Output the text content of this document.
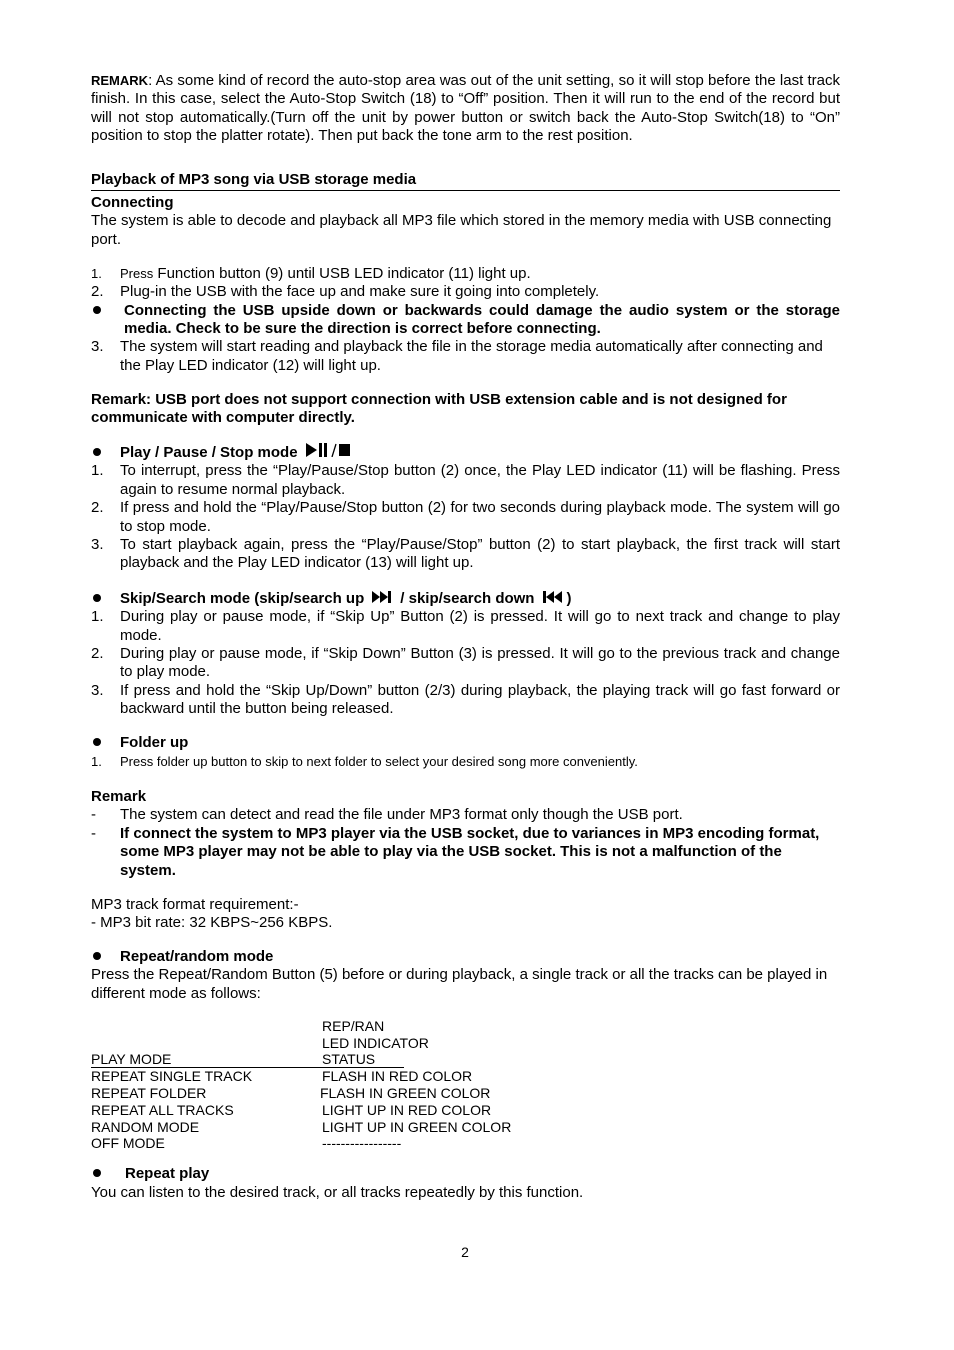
REMARK: As some kind of record the auto-stop area was out of the unit setting, so it will stop before the last track finish. In this case, select the Auto-Stop Switch (18) to “Off” position. Then it will run to the end of the record but will not stop automatically.(Turn off the unit by power button or switch back the Auto-Stop Switch(18) to “On” position to stop the platter rotate). Then put back the tone arm to the rest position.

Playback of MP3 song via USB storage media

Connecting

The system is able to decode and playback all MP3 file which stored in the memory media with USB connecting port.

1.	Press Function button (9) until USB LED indicator (11) light up.
2.	Plug-in the USB with the face up and make sure it going into completely.
Connecting the USB upside down or backwards could damage the audio system or the storage media. Check to be sure the direction is correct before connecting.
3.	The system will start reading and playback the file in the storage media automatically after connecting and the Play LED indicator (12) will light up.

Remark: USB port does not support connection with USB extension cable and is not designed for communicate with computer directly.

Play / Pause / Stop mode
1.	To interrupt, press the “Play/Pause/Stop button (2) once, the Play LED indicator (11) will be flashing. Press again to resume normal playback.
2.	If press and hold the “Play/Pause/Stop button (2) for two seconds during playback mode. The system will go to stop mode.
3.	To start playback again, press the “Play/Pause/Stop” button (2) to start playback, the first track will start playback and the Play LED indicator (13) will light up.
Skip/Search mode (skip/search up / skip/search down )
1.	During play or pause mode, if “Skip Up” Button (2) is pressed. It will go to next track and change to play mode.
2.	During play or pause mode, if “Skip Down” Button (3) is pressed. It will go to the previous track and change to play mode.
3.	If press and hold the “Skip Up/Down” button (2/3) during playback, the playing track will go fast forward or backward until the button being released.
Folder up
1.	Press folder up button to skip to next folder to select your desired song more conveniently.

Remark

-	The system can detect and read the file under MP3 format only though the USB port.
-	If connect the system to MP3 player via the USB socket, due to variances in MP3 encoding format, some MP3 player may not be able to play via the USB socket. This is not a malfunction of the system.

MP3 track format requirement:-

- MP3 bit rate: 32 KBPS~256 KBPS.

Repeat/random mode

Press the Repeat/Random Button (5) before or during playback, a single track or all the tracks can be played in different mode as follows:

REP/RAN
LED INDICATOR
PLAY MODE	STATUS
REPEAT SINGLE TRACK	FLASH IN RED COLOR
REPEAT FOLDER	FLASH IN GREEN COLOR
REPEAT ALL TRACKS	LIGHT UP IN RED COLOR
RANDOM MODE	LIGHT UP IN GREEN COLOR
OFF MODE	-----------------
Repeat play

You can listen to the desired track, or all tracks repeatedly by this function.

2
